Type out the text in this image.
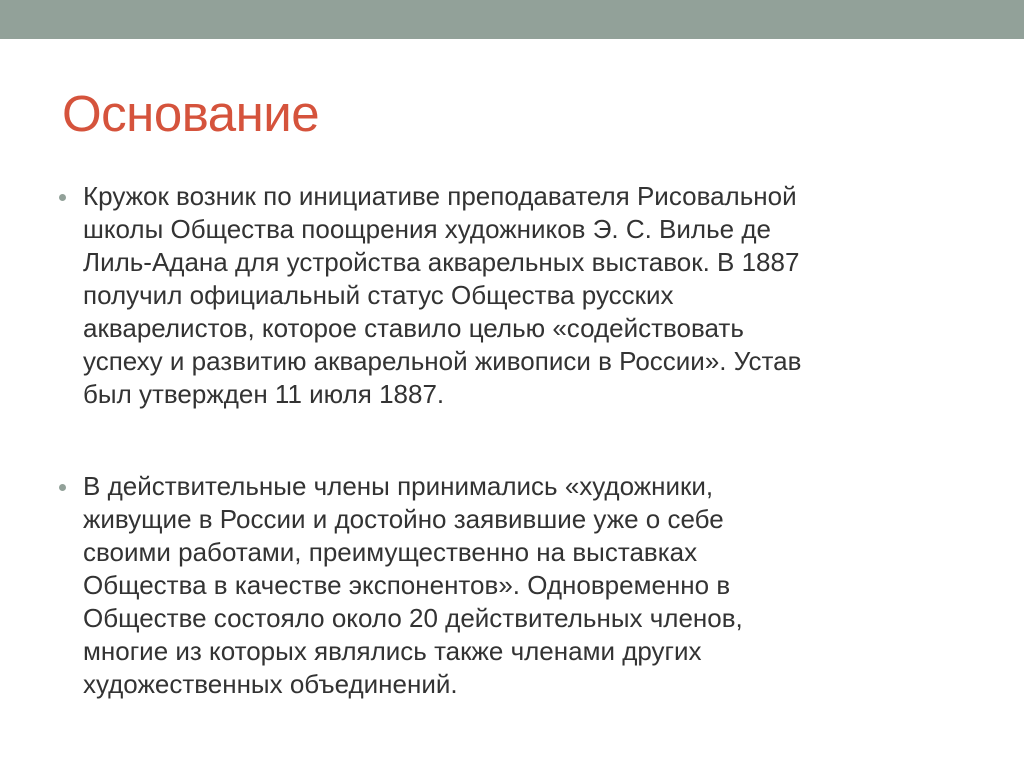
Основание
Кружок возник по инициативе преподавателя Рисовальной
школы Общества поощрения художников Э. С. Вилье де
Лиль-Адана для устройства акварельных выставок. В 1887
получил официальный статус Общества русских
акварелистов, которое ставило целью «содействовать
успеху и развитию акварельной живописи в России». Устав
был утвержден 11 июля 1887.
В действительные члены принимались «художники,
живущие в России и достойно заявившие уже о себе
своими работами, преимущественно на выставках
Общества в качестве экспонентов». Одновременно в
Обществе состояло около 20 действительных членов,
многие из которых являлись также членами других
художественных объединений.
